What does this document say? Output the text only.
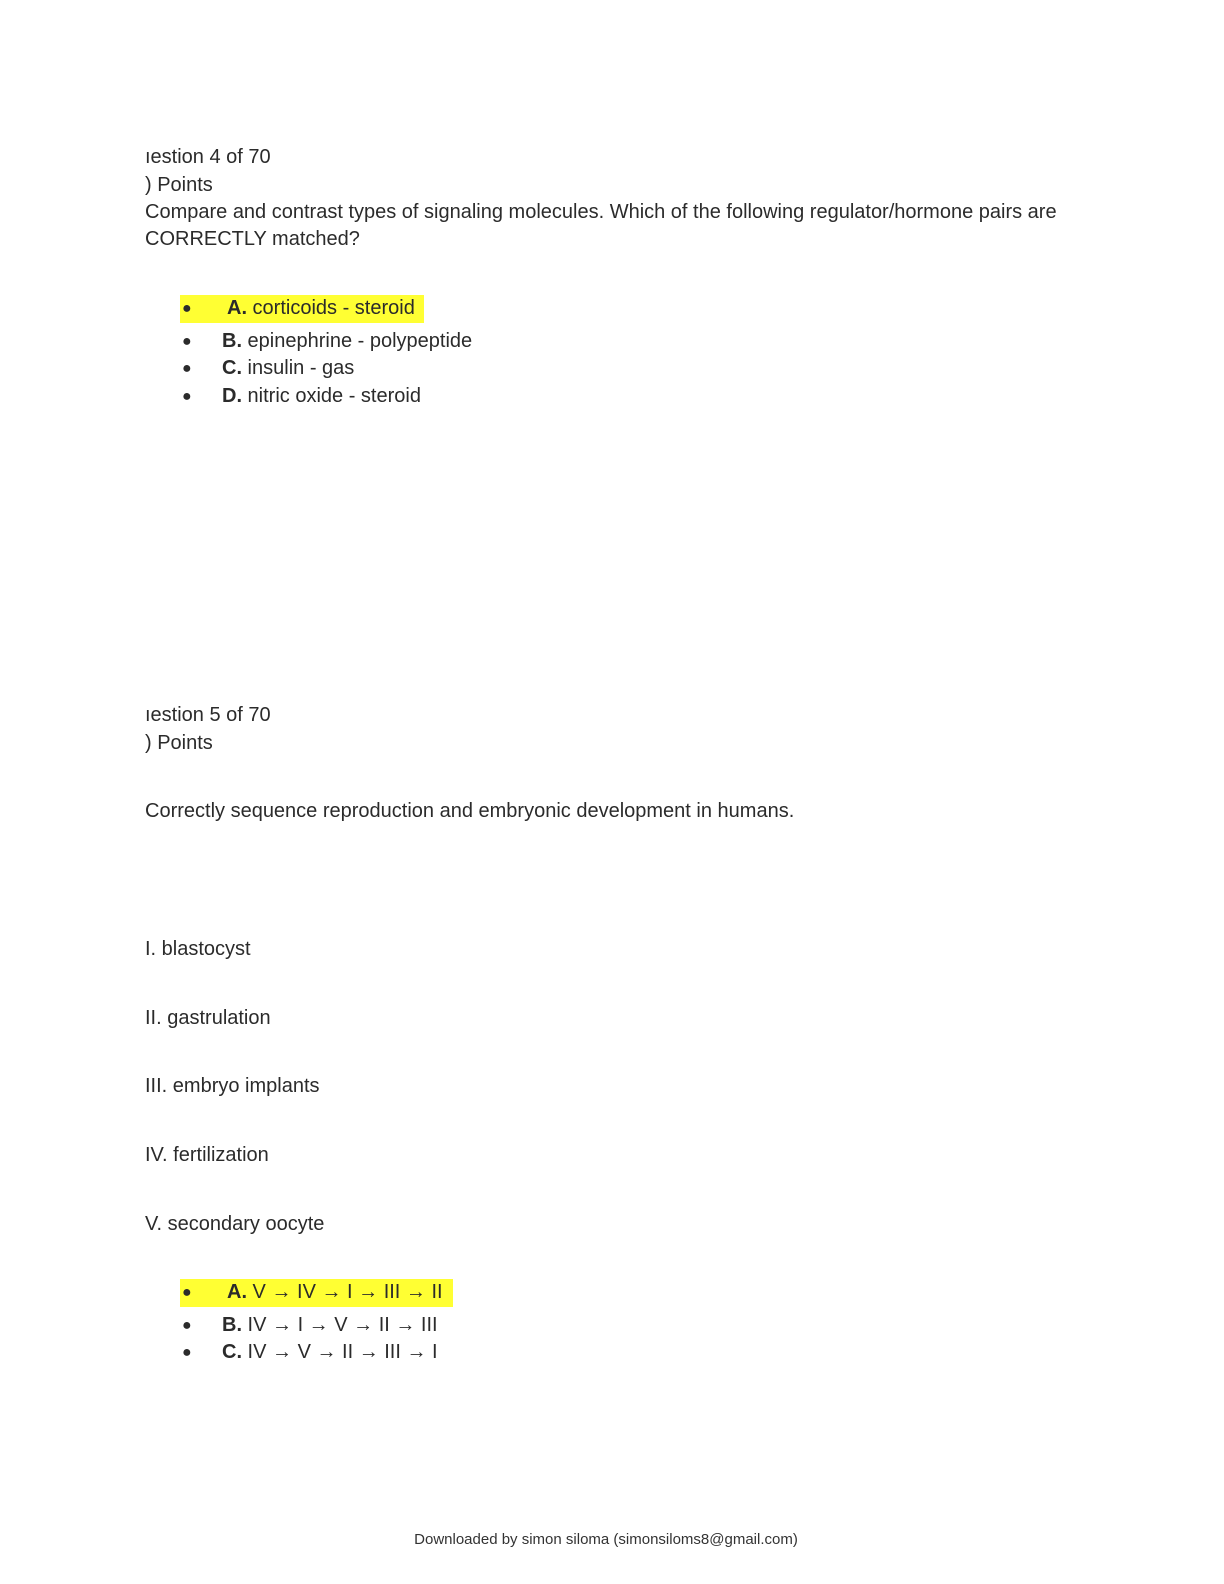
ıestion 4 of 70
) Points
Compare and contrast types of signaling molecules. Which of the following regulator/hormone pairs are CORRECTLY matched?
● A. corticoids - steroid
● B. epinephrine - polypeptide
● C. insulin - gas
● D. nitric oxide - steroid
ıestion 5 of 70
) Points
Correctly sequence reproduction and embryonic development in humans.
I. blastocyst
II. gastrulation
III. embryo implants
IV. fertilization
V. secondary oocyte
● A. V → IV → I → III → II
● B. IV → I → V → II → III
● C. IV → V → II → III → I
Downloaded by simon siloma (simonsiloms8@gmail.com)
